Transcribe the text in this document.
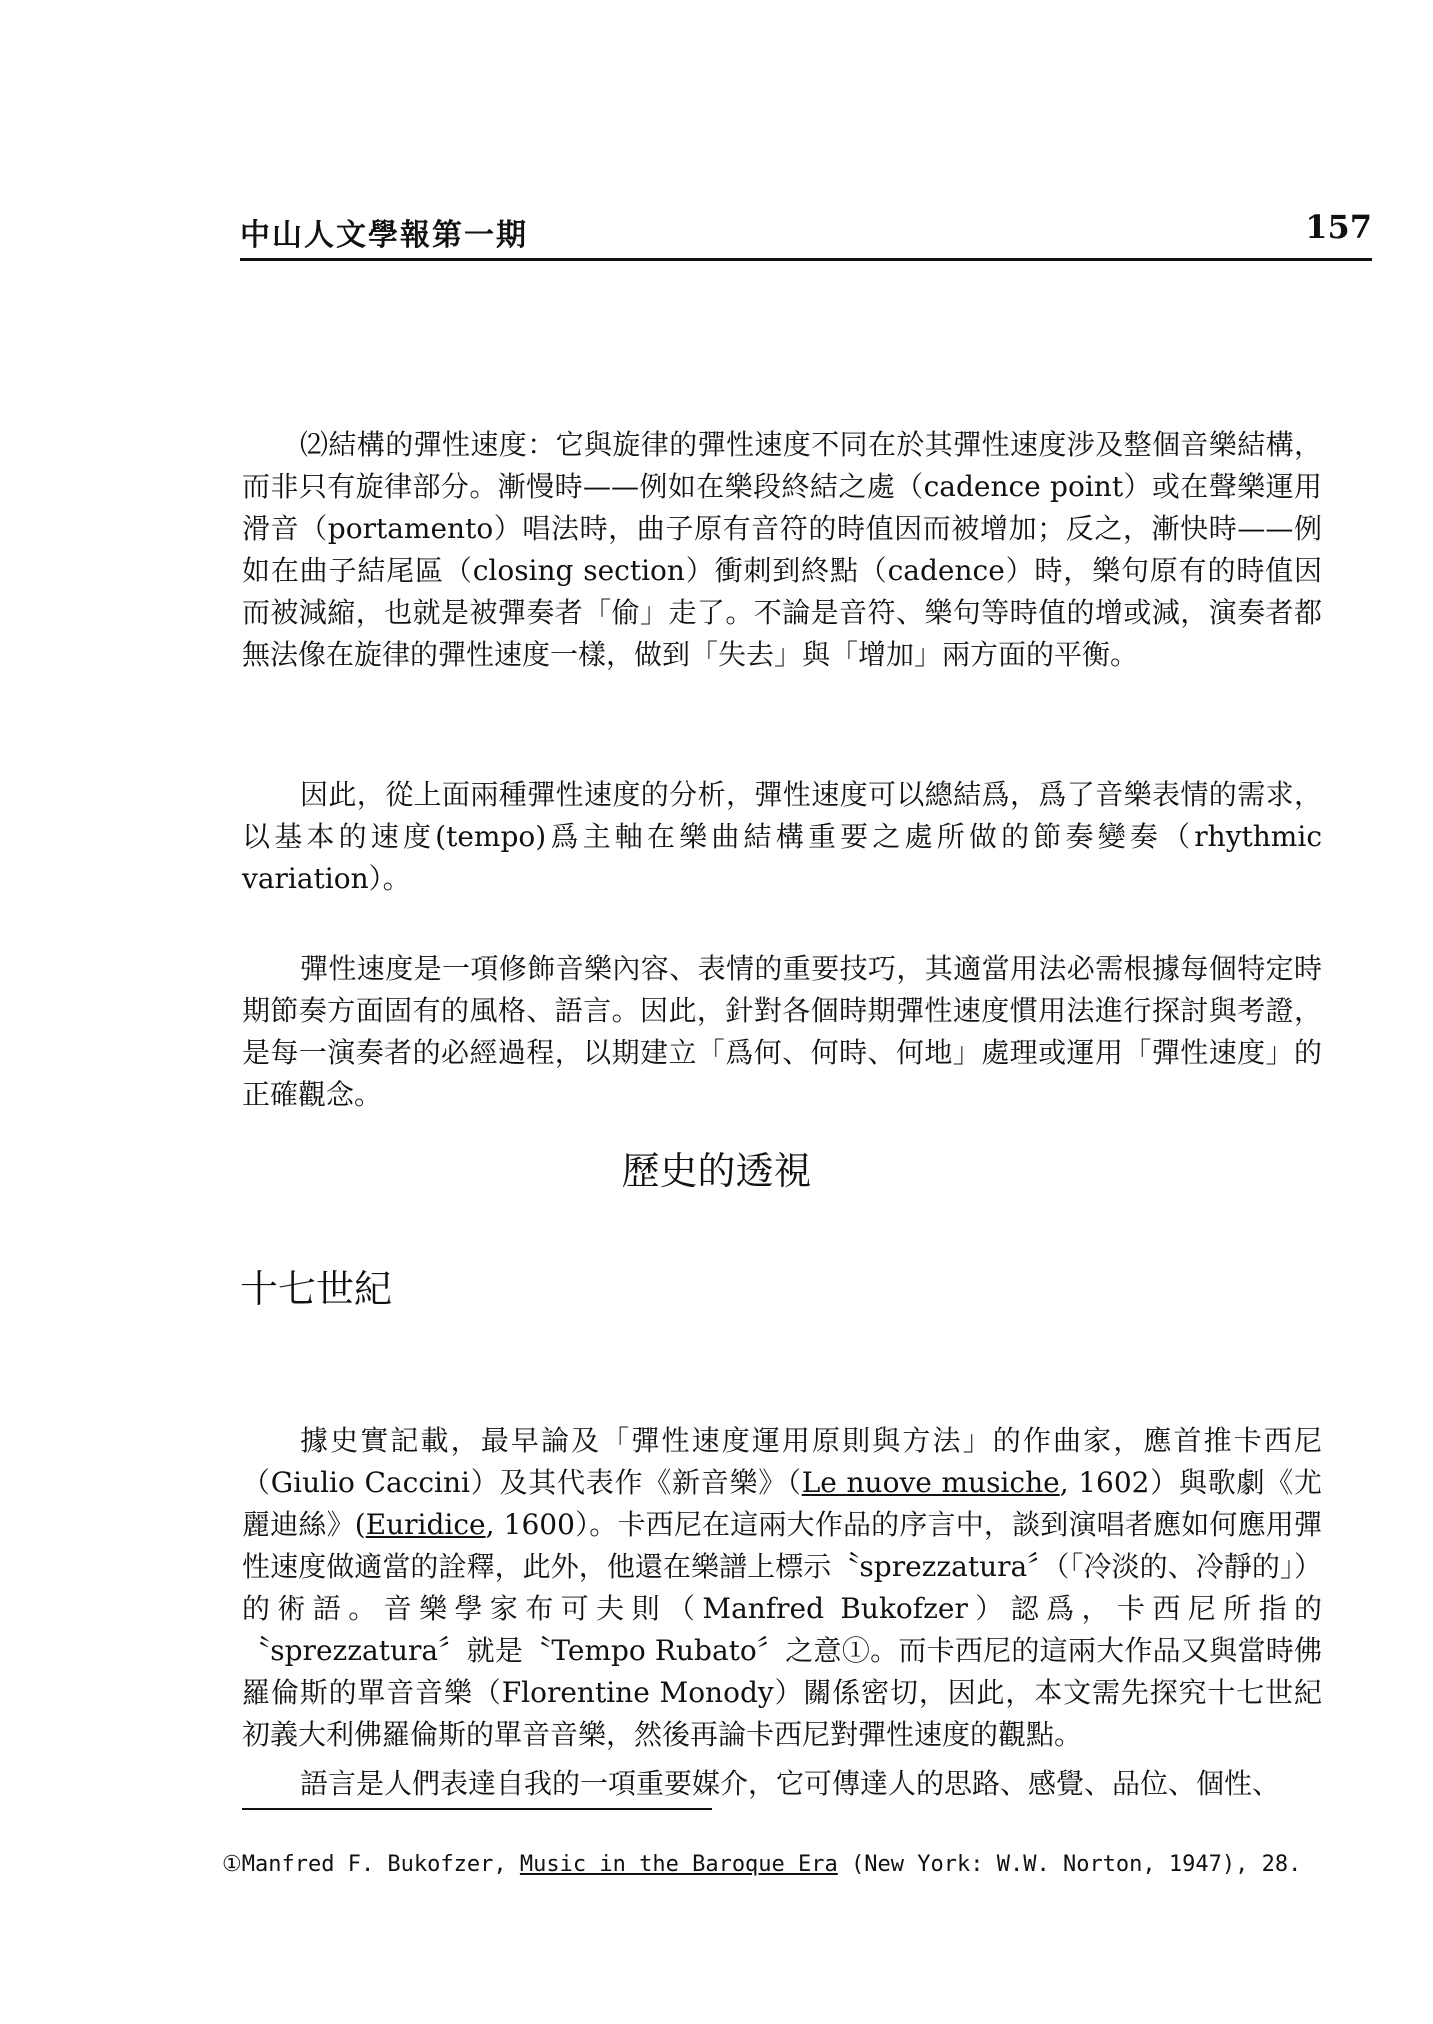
中山人文學報第一期	157

⑵結構的彈性速度：它與旋律的彈性速度不同在於其彈性速度涉及整個音樂結構，而非只有旋律部分。漸慢時——例如在樂段終結之處（cadence point）或在聲樂運用滑音（portamento）唱法時，曲子原有音符的時值因而被增加；反之，漸快時——例如在曲子結尾區（closing section）衝刺到終點（cadence）時，樂句原有的時值因而被減縮，也就是被彈奏者「偷」走了。不論是音符、樂句等時值的增或減，演奏者都無法像在旋律的彈性速度一樣，做到「失去」與「增加」兩方面的平衡。

因此，從上面兩種彈性速度的分析，彈性速度可以總結爲，爲了音樂表情的需求，以基本的速度(tempo)爲主軸在樂曲結構重要之處所做的節奏變奏（rhythmic variation）。

彈性速度是一項修飾音樂內容、表情的重要技巧，其適當用法必需根據每個特定時期節奏方面固有的風格、語言。因此，針對各個時期彈性速度慣用法進行探討與考證，是每一演奏者的必經過程，以期建立「爲何、何時、何地」處理或運用「彈性速度」的正確觀念。

歷史的透視
十七世紀

據史實記載，最早論及「彈性速度運用原則與方法」的作曲家，應首推卡西尼（Giulio Caccini）及其代表作《新音樂》（Le nuove musiche, 1602）與歌劇《尤麗迪絲》(Euridice, 1600）。卡西尼在這兩大作品的序言中，談到演唱者應如何應用彈性速度做適當的詮釋，此外，他還在樂譜上標示〝sprezzatura〞（「冷淡的、冷靜的」）的術語。音樂學家布可夫則（Manfred Bukofzer）認爲，卡西尼所指的〝sprezzatura〞就是〝Tempo Rubato〞之意①。而卡西尼的這兩大作品又與當時佛羅倫斯的單音音樂（Florentine Monody）關係密切，因此，本文需先探究十七世紀初義大利佛羅倫斯的單音音樂，然後再論卡西尼對彈性速度的觀點。

語言是人們表達自我的一項重要媒介，它可傳達人的思路、感覺、品位、個性、

①Manfred F. Bukofzer, Music in the Baroque Era (New York: W.W. Norton, 1947), 28.
